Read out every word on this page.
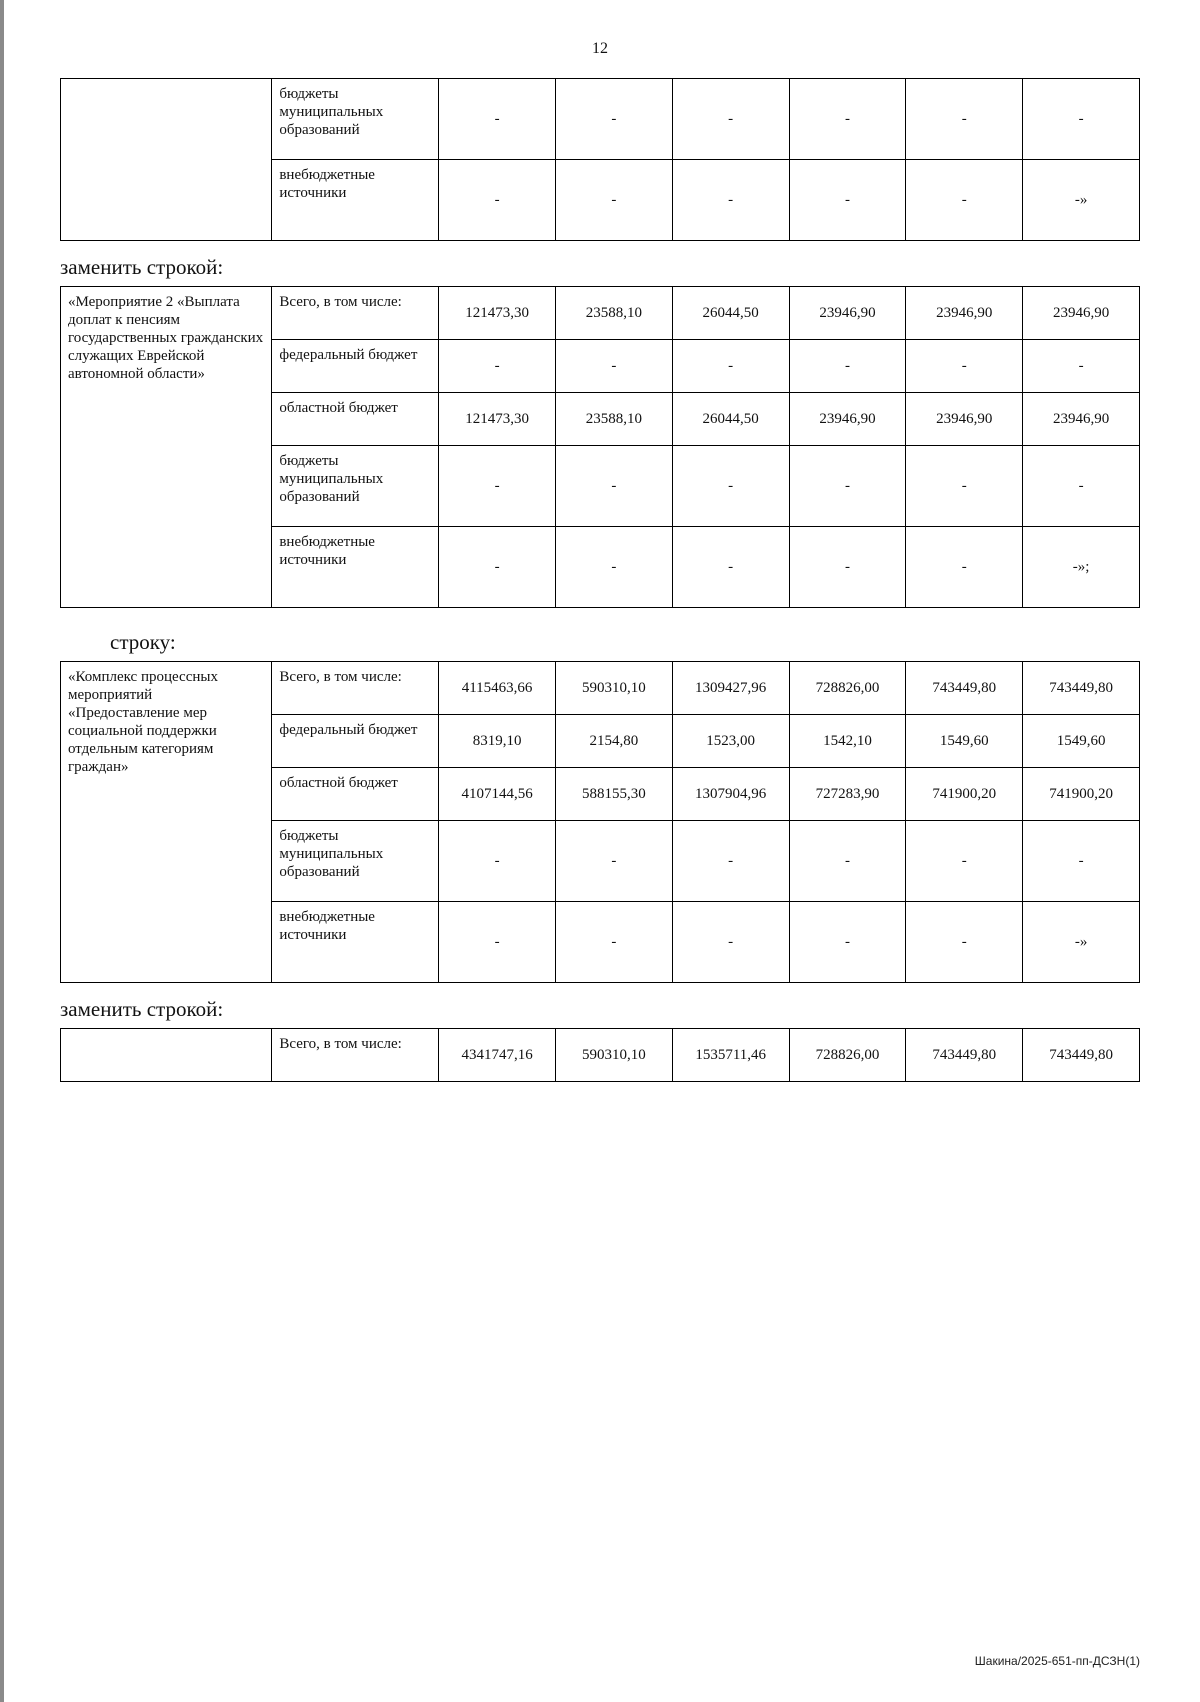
12
	бюджеты муниципальных образований	-	-	-	-	-	-
	внебюджетные источники	-	-	-	-	-	-»
заменить строкой:
«Мероприятие 2 «Выплата доплат к пенсиям государственных гражданских служащих Еврейской автономной области»	Всего, в том числе:	121473,30	23588,10	26044,50	23946,90	23946,90	23946,90
	федеральный бюджет	-	-	-	-	-	-
	областной бюджет	121473,30	23588,10	26044,50	23946,90	23946,90	23946,90
	бюджеты муниципальных образований	-	-	-	-	-	-
	внебюджетные источники	-	-	-	-	-	-»;
строку:
«Комплекс процессных мероприятий «Предоставление мер социальной поддержки отдельным категориям граждан»	Всего, в том числе:	4115463,66	590310,10	1309427,96	728826,00	743449,80	743449,80
	федеральный бюджет	8319,10	2154,80	1523,00	1542,10	1549,60	1549,60
	областной бюджет	4107144,56	588155,30	1307904,96	727283,90	741900,20	741900,20
	бюджеты муниципальных образований	-	-	-	-	-	-
	внебюджетные источники	-	-	-	-	-	-»
заменить строкой:
	Всего, в том числе:	4341747,16	590310,10	1535711,46	728826,00	743449,80	743449,80
Шакина/2025-651-пп-ДСЗН(1)
